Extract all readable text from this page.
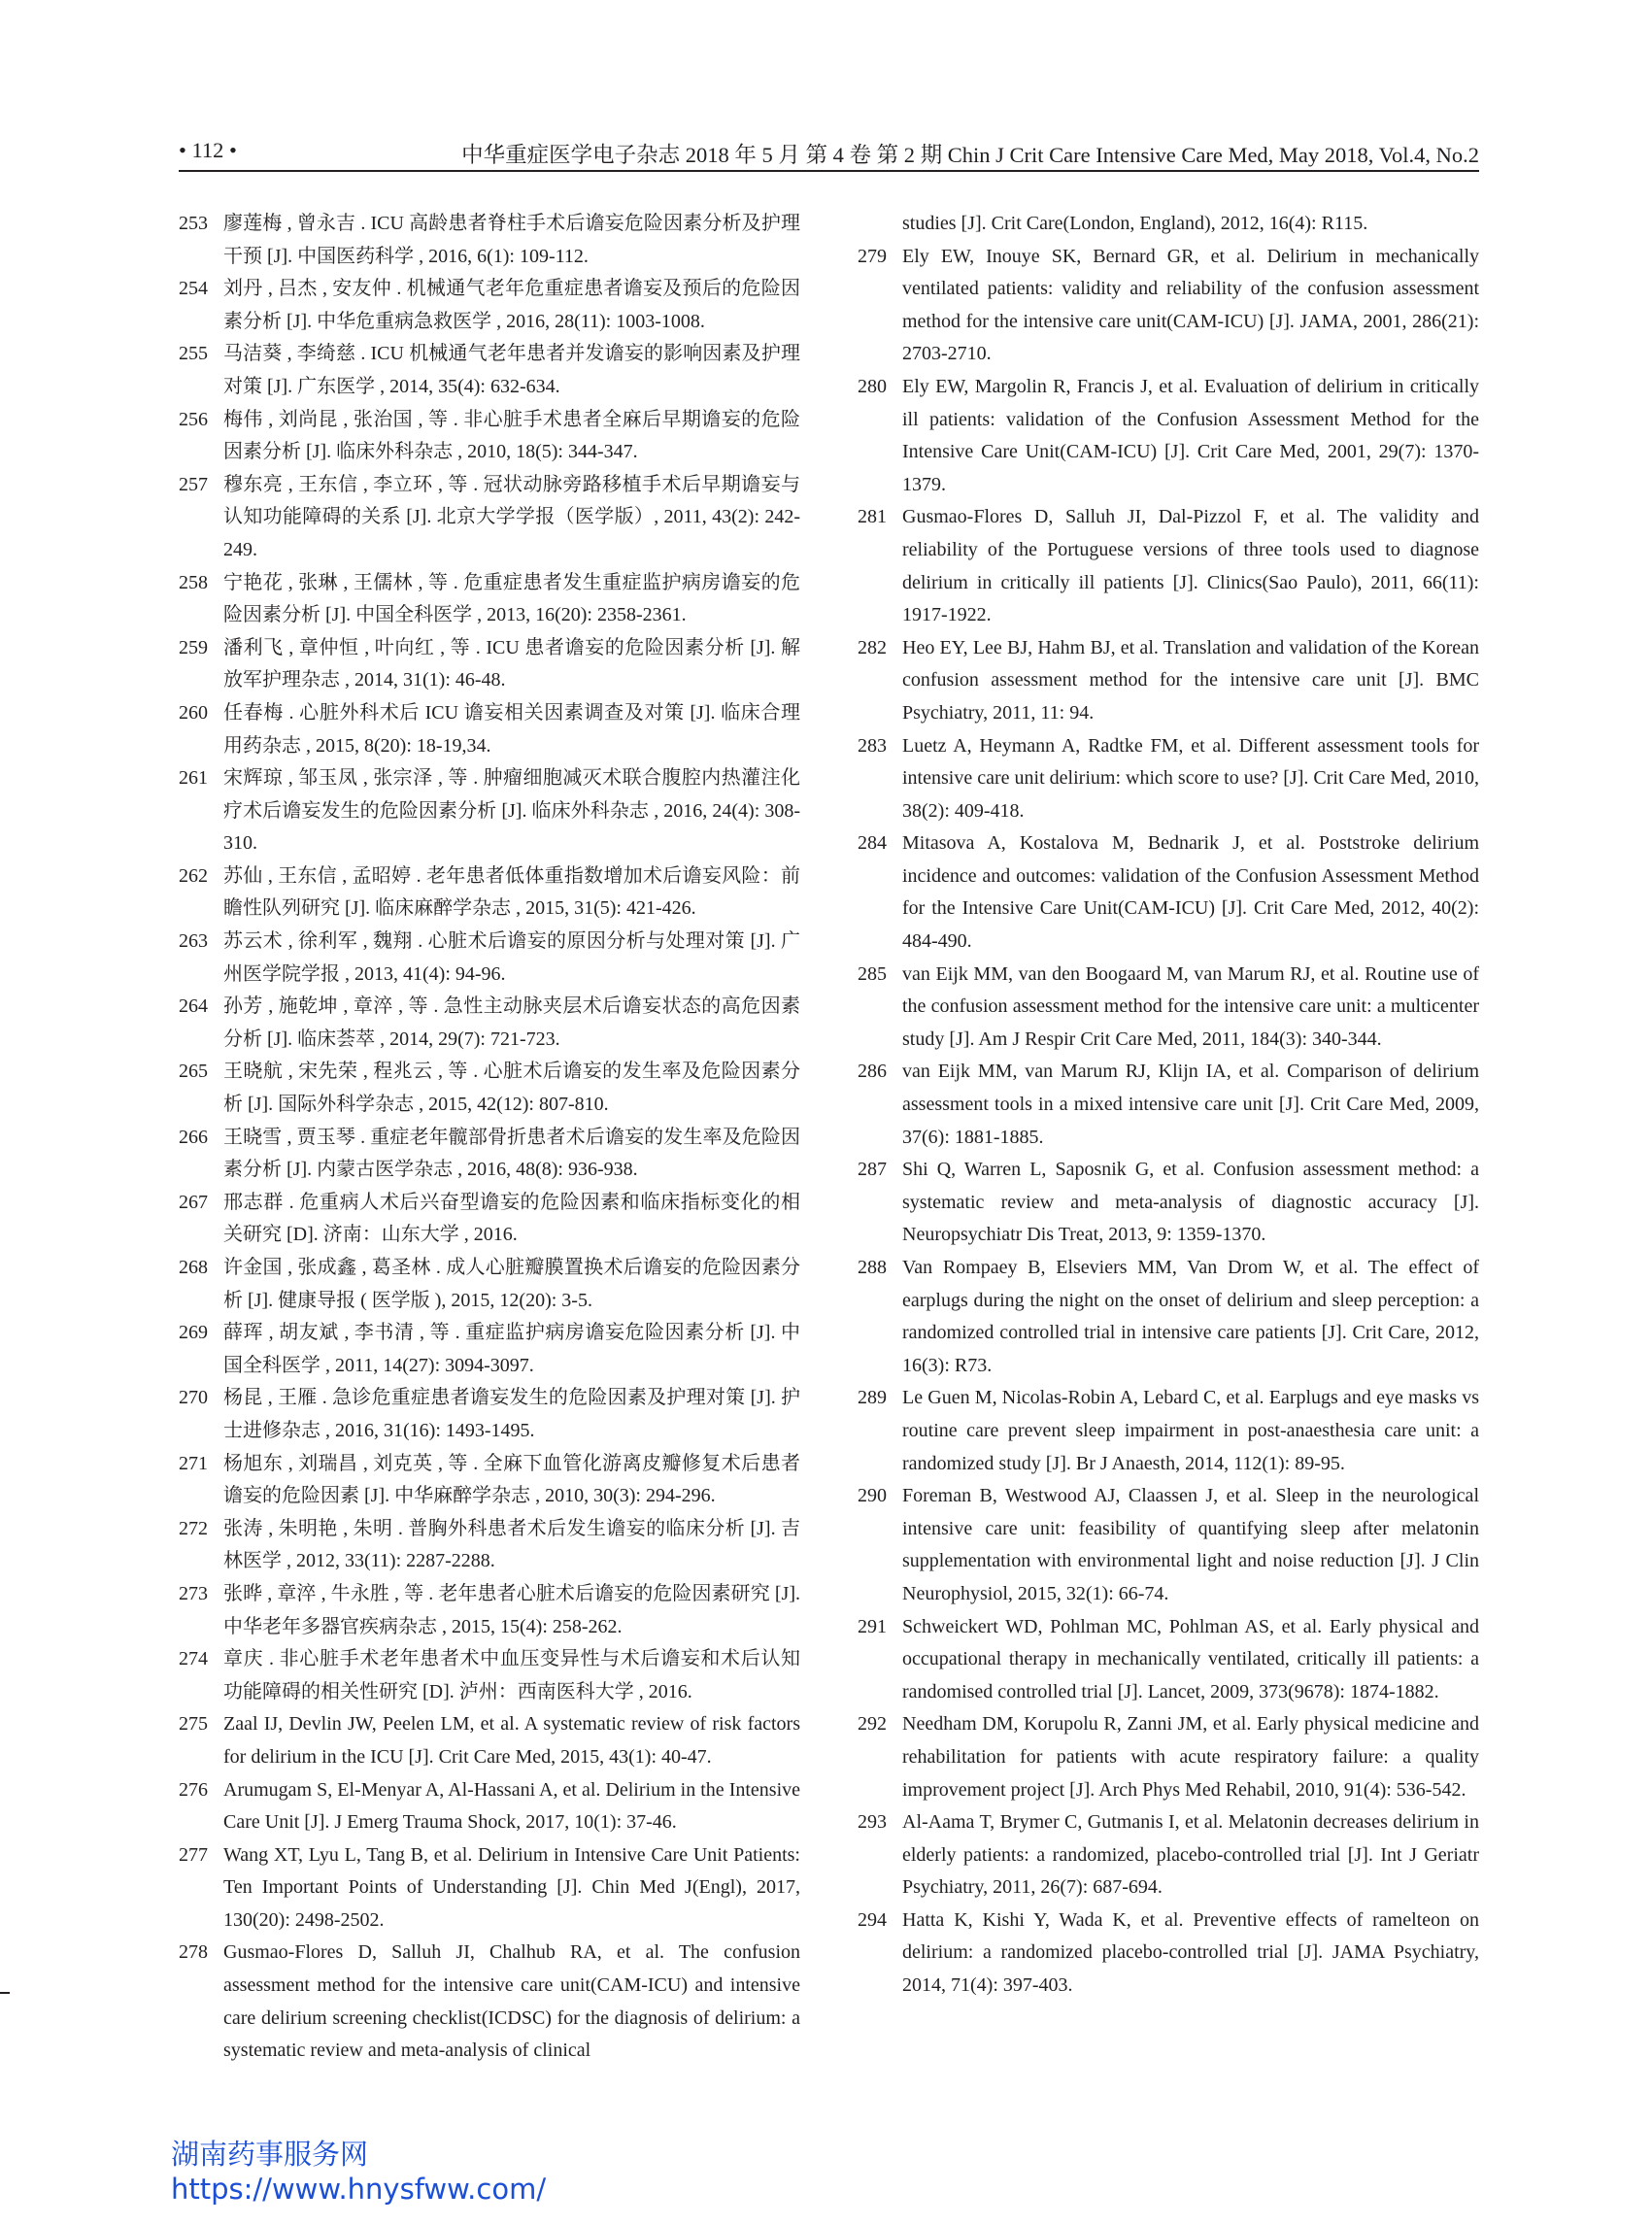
• 112 •	中华重症医学电子杂志 2018 年 5 月 第 4 卷 第 2 期 Chin J Crit Care Intensive Care Med, May 2018, Vol.4, No.2
253 廖莲梅 , 曾永吉 . ICU 高龄患者脊柱手术后谵妄危险因素分析及护理干预 [J]. 中国医药科学 , 2016, 6(1): 109-112.
254 刘丹 , 吕杰 , 安友仲 . 机械通气老年危重症患者谵妄及预后的危险因素分析 [J]. 中华危重病急救医学 , 2016, 28(11): 1003-1008.
255 马洁葵 , 李绮慈 . ICU 机械通气老年患者并发谵妄的影响因素及护理对策 [J]. 广东医学 , 2014, 35(4): 632-634.
256 梅伟 , 刘尚昆 , 张治国 , 等 . 非心脏手术患者全麻后早期谵妄的危险因素分析 [J]. 临床外科杂志 , 2010, 18(5): 344-347.
257 穆东亮 , 王东信 , 李立环 , 等 . 冠状动脉旁路移植手术后早期谵妄与认知功能障碍的关系 [J]. 北京大学学报（医学版）, 2011, 43(2): 242-249.
258 宁艳花 , 张琳 , 王儒林 , 等 . 危重症患者发生重症监护病房谵妄的危险因素分析 [J]. 中国全科医学 , 2013, 16(20): 2358-2361.
259 潘利飞 , 章仲恒 , 叶向红 , 等 . ICU 患者谵妄的危险因素分析 [J]. 解放军护理杂志 , 2014, 31(1): 46-48.
260 任春梅 . 心脏外科术后 ICU 谵妄相关因素调查及对策 [J]. 临床合理用药杂志 , 2015, 8(20): 18-19,34.
261 宋辉琼 , 邹玉凤 , 张宗泽 , 等 . 肿瘤细胞减灭术联合腹腔内热灌注化疗术后谵妄发生的危险因素分析 [J]. 临床外科杂志 , 2016, 24(4): 308-310.
262 苏仙 , 王东信 , 孟昭婷 . 老年患者低体重指数增加术后谵妄风险：前瞻性队列研究 [J]. 临床麻醉学杂志 , 2015, 31(5): 421-426.
263 苏云术 , 徐利军 , 魏翔 . 心脏术后谵妄的原因分析与处理对策 [J]. 广州医学院学报 , 2013, 41(4): 94-96.
264 孙芳 , 施乾坤 , 章淬 , 等 . 急性主动脉夹层术后谵妄状态的高危因素分析 [J]. 临床荟萃 , 2014, 29(7): 721-723.
265 王晓航 , 宋先荣 , 程兆云 , 等 . 心脏术后谵妄的发生率及危险因素分析 [J]. 国际外科学杂志 , 2015, 42(12): 807-810.
266 王晓雪 , 贾玉琴 . 重症老年髋部骨折患者术后谵妄的发生率及危险因素分析 [J]. 内蒙古医学杂志 , 2016, 48(8): 936-938.
267 邢志群 . 危重病人术后兴奋型谵妄的危险因素和临床指标变化的相关研究 [D]. 济南：山东大学 , 2016.
268 许金国 , 张成鑫 , 葛圣林 . 成人心脏瓣膜置换术后谵妄的危险因素分析 [J]. 健康导报 ( 医学版 ), 2015, 12(20): 3-5.
269 薛珲 , 胡友斌 , 李书清 , 等 . 重症监护病房谵妄危险因素分析 [J]. 中国全科医学 , 2011, 14(27): 3094-3097.
270 杨昆 , 王雁 . 急诊危重症患者谵妄发生的危险因素及护理对策 [J]. 护士进修杂志 , 2016, 31(16): 1493-1495.
271 杨旭东 , 刘瑞昌 , 刘克英 , 等 . 全麻下血管化游离皮瓣修复术后患者谵妄的危险因素 [J]. 中华麻醉学杂志 , 2010, 30(3): 294-296.
272 张涛 , 朱明艳 , 朱明 . 普胸外科患者术后发生谵妄的临床分析 [J]. 吉林医学 , 2012, 33(11): 2287-2288.
273 张晔 , 章淬 , 牛永胜 , 等 . 老年患者心脏术后谵妄的危险因素研究 [J]. 中华老年多器官疾病杂志 , 2015, 15(4): 258-262.
274 章庆 . 非心脏手术老年患者术中血压变异性与术后谵妄和术后认知功能障碍的相关性研究 [D]. 泸州：西南医科大学 , 2016.
275 Zaal IJ, Devlin JW, Peelen LM, et al. A systematic review of risk factors for delirium in the ICU [J]. Crit Care Med, 2015, 43(1): 40-47.
276 Arumugam S, El-Menyar A, Al-Hassani A, et al. Delirium in the Intensive Care Unit [J]. J Emerg Trauma Shock, 2017, 10(1): 37-46.
277 Wang XT, Lyu L, Tang B, et al. Delirium in Intensive Care Unit Patients: Ten Important Points of Understanding [J]. Chin Med J(Engl), 2017, 130(20): 2498-2502.
278 Gusmao-Flores D, Salluh JI, Chalhub RA, et al. The confusion assessment method for the intensive care unit(CAM-ICU) and intensive care delirium screening checklist(ICDSC) for the diagnosis of delirium: a systematic review and meta-analysis of clinical
studies [J]. Crit Care(London, England), 2012, 16(4): R115.
279 Ely EW, Inouye SK, Bernard GR, et al. Delirium in mechanically ventilated patients: validity and reliability of the confusion assessment method for the intensive care unit(CAM-ICU) [J]. JAMA, 2001, 286(21): 2703-2710.
280 Ely EW, Margolin R, Francis J, et al. Evaluation of delirium in critically ill patients: validation of the Confusion Assessment Method for the Intensive Care Unit(CAM-ICU) [J]. Crit Care Med, 2001, 29(7): 1370-1379.
281 Gusmao-Flores D, Salluh JI, Dal-Pizzol F, et al. The validity and reliability of the Portuguese versions of three tools used to diagnose delirium in critically ill patients [J]. Clinics(Sao Paulo), 2011, 66(11): 1917-1922.
282 Heo EY, Lee BJ, Hahm BJ, et al. Translation and validation of the Korean confusion assessment method for the intensive care unit [J]. BMC Psychiatry, 2011, 11: 94.
283 Luetz A, Heymann A, Radtke FM, et al. Different assessment tools for intensive care unit delirium: which score to use? [J]. Crit Care Med, 2010, 38(2): 409-418.
284 Mitasova A, Kostalova M, Bednarik J, et al. Poststroke delirium incidence and outcomes: validation of the Confusion Assessment Method for the Intensive Care Unit(CAM-ICU) [J]. Crit Care Med, 2012, 40(2): 484-490.
285 van Eijk MM, van den Boogaard M, van Marum RJ, et al. Routine use of the confusion assessment method for the intensive care unit: a multicenter study [J]. Am J Respir Crit Care Med, 2011, 184(3): 340-344.
286 van Eijk MM, van Marum RJ, Klijn IA, et al. Comparison of delirium assessment tools in a mixed intensive care unit [J]. Crit Care Med, 2009, 37(6): 1881-1885.
287 Shi Q, Warren L, Saposnik G, et al. Confusion assessment method: a systematic review and meta-analysis of diagnostic accuracy [J]. Neuropsychiatr Dis Treat, 2013, 9: 1359-1370.
288 Van Rompaey B, Elseviers MM, Van Drom W, et al. The effect of earplugs during the night on the onset of delirium and sleep perception: a randomized controlled trial in intensive care patients [J]. Crit Care, 2012, 16(3): R73.
289 Le Guen M, Nicolas-Robin A, Lebard C, et al. Earplugs and eye masks vs routine care prevent sleep impairment in post-anaesthesia care unit: a randomized study [J]. Br J Anaesth, 2014, 112(1): 89-95.
290 Foreman B, Westwood AJ, Claassen J, et al. Sleep in the neurological intensive care unit: feasibility of quantifying sleep after melatonin supplementation with environmental light and noise reduction [J]. J Clin Neurophysiol, 2015, 32(1): 66-74.
291 Schweickert WD, Pohlman MC, Pohlman AS, et al. Early physical and occupational therapy in mechanically ventilated, critically ill patients: a randomised controlled trial [J]. Lancet, 2009, 373(9678): 1874-1882.
292 Needham DM, Korupolu R, Zanni JM, et al. Early physical medicine and rehabilitation for patients with acute respiratory failure: a quality improvement project [J]. Arch Phys Med Rehabil, 2010, 91(4): 536-542.
293 Al-Aama T, Brymer C, Gutmanis I, et al. Melatonin decreases delirium in elderly patients: a randomized, placebo-controlled trial [J]. Int J Geriatr Psychiatry, 2011, 26(7): 687-694.
294 Hatta K, Kishi Y, Wada K, et al. Preventive effects of ramelteon on delirium: a randomized placebo-controlled trial [J]. JAMA Psychiatry, 2014, 71(4): 397-403.
湖南药事服务网
https://www.hnysfww.com/
